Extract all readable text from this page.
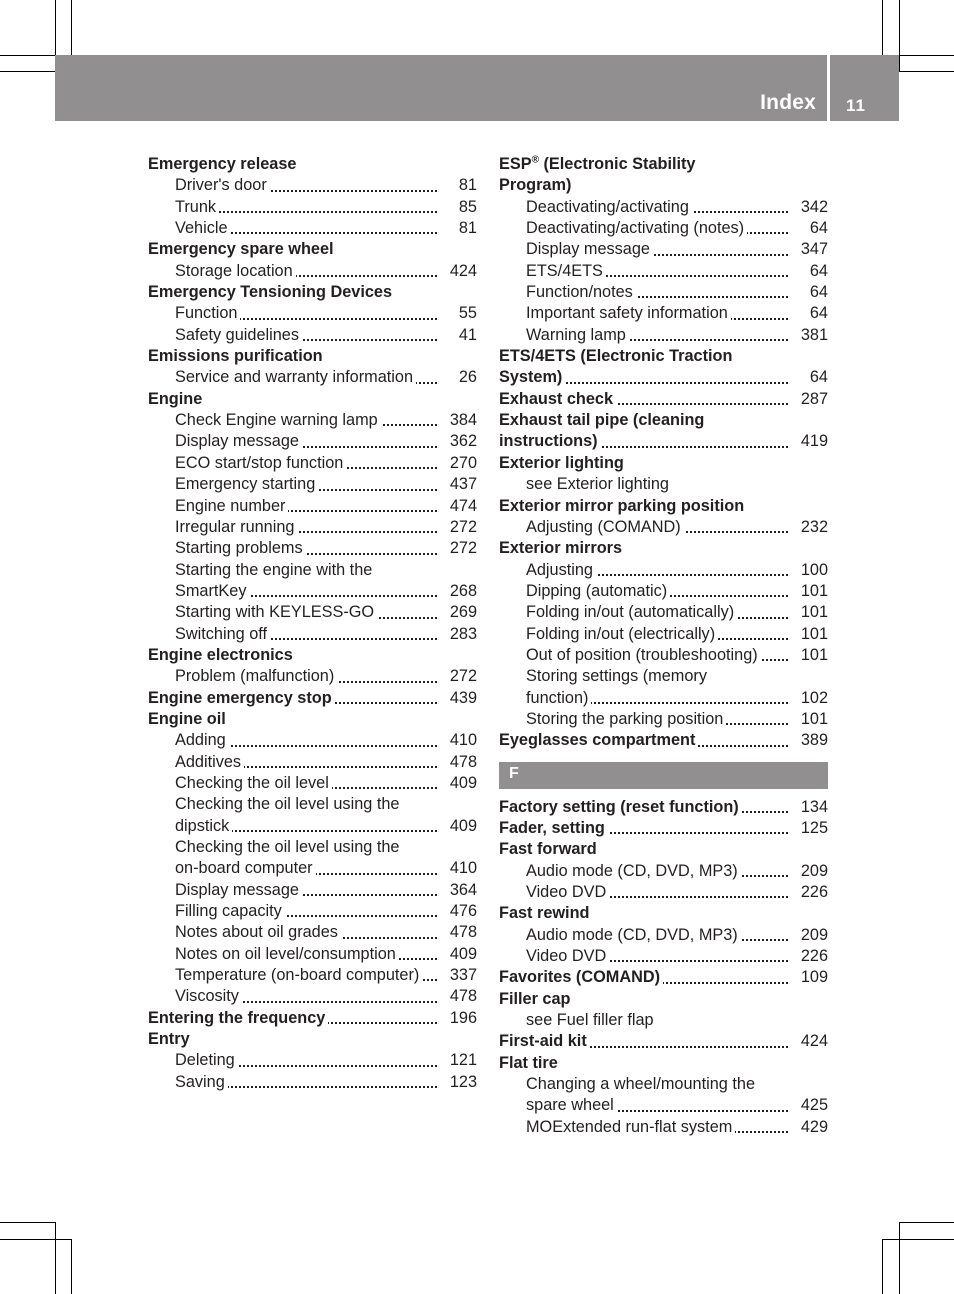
Index 11
Emergency release
Driver's door	81
Trunk	85
Vehicle	81
Emergency spare wheel
Storage location	424
Emergency Tensioning Devices
Function	55
Safety guidelines	41
Emissions purification
Service and warranty information	26
Engine
Check Engine warning lamp	384
Display message	362
ECO start/stop function	270
Emergency starting	437
Engine number	474
Irregular running	272
Starting problems	272
Starting the engine with the
SmartKey	268
Starting with KEYLESS-GO	269
Switching off	283
Engine electronics
Problem (malfunction)	272
Engine emergency stop	439
Engine oil
Adding	410
Additives	478
Checking the oil level	409
Checking the oil level using the
dipstick	409
Checking the oil level using the
on-board computer	410
Display message	364
Filling capacity	476
Notes about oil grades	478
Notes on oil level/consumption	409
Temperature (on-board computer) 337
Viscosity	478
Entering the frequency	196
Entry
Deleting	121
Saving	123
ESP® (Electronic Stability
Program)
Deactivating/activating	342
Deactivating/activating (notes)	64
Display message	347
ETS/4ETS	64
Function/notes	64
Important safety information	64
Warning lamp	381
ETS/4ETS (Electronic Traction
System)	64
Exhaust check	287
Exhaust tail pipe (cleaning
instructions)	419
Exterior lighting
see Exterior lighting
Exterior mirror parking position
Adjusting (COMAND)	232
Exterior mirrors
Adjusting	100
Dipping (automatic)	101
Folding in/out (automatically)	101
Folding in/out (electrically)	101
Out of position (troubleshooting)	101
Storing settings (memory
function)	102
Storing the parking position	101
Eyeglasses compartment	389
F
Factory setting (reset function)	134
Fader, setting	125
Fast forward
Audio mode (CD, DVD, MP3)	209
Video DVD	226
Fast rewind
Audio mode (CD, DVD, MP3)	209
Video DVD	226
Favorites (COMAND)	109
Filler cap
see Fuel filler flap
First-aid kit	424
Flat tire
Changing a wheel/mounting the
spare wheel	425
MOExtended run-flat system	429
